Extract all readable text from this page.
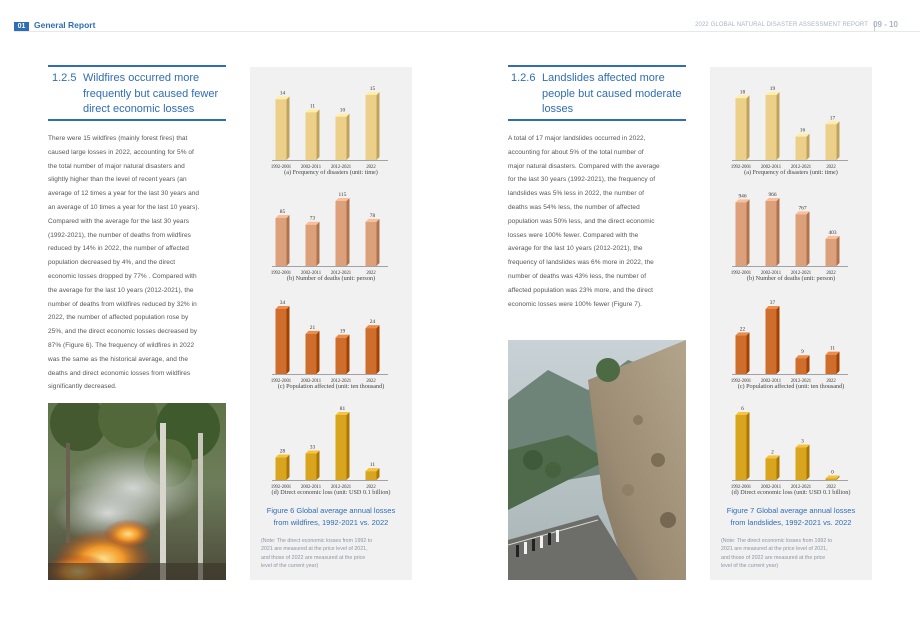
01	General Report	2022 GLOBAL NATURAL DISASTER ASSESSMENT REPORT 09 - 10
1.2.5 Wildfires occurred more
frequently but caused fewer
direct economic losses
There were 15 wildfires (mainly forest fires) that
caused large losses in 2022, accounting for 5% of
the total number of major natural disasters and
slightly higher than the level of recent years (an
average of 12 times a year for the last 30 years and
an average of 10 times a year for the last 10 years).
Compared with the average for the last 30 years
(1992-2021), the number of deaths from wildfires
reduced by 14% in 2022, the number of affected
population decreased by 4%, and the direct
economic losses dropped by 77% . Compared with
the average for the last 10 years (2012-2021), the
number of deaths from wildfires reduced by 32% in
2022, the number of affected population rose by
25%, and the direct economic losses decreased by
87% (Figure 6). The frequency of wildfires in 2022
was the same as the historical average, and the
deaths and direct economic losses from wildfires
significantly decreased.
14
1992-2001
11
2002-2011
10
2012-2021
15
2022
(a) Frequency of disasters (unit: time)
85
1992-2001
73
2002-2011
115
2012-2021
78
2022
(b) Number of deaths (unit: person)
34
1992-2001
21
2002-2011
19
2012-2021
24
2022
(c) Population affected (unit: ten thousand)
28
1992-2001
33
2002-2011
81
2012-2021
11
2022
(d) Direct economic loss (unit: USD 0.1 billion)
Figure 6 Global average annual losses
from wildfires, 1992-2021 vs. 2022
(Note: The direct economic losses from 1992 to
2021 are measured at the price level of 2021,
and those of 2022 are measured at the price
level of the current year)
1.2.6 Landslides affected more
people but caused moderate
losses
A total of 17 major landslides occurred in 2022,
accounting for about 5% of the total number of
major natural disasters. Compared with the average
for the last 30 years (1992-2021), the frequency of
landslides was 5% less in 2022, the number of
deaths was 54% less, the number of affected
population was 50% less, and the direct economic
losses were 100% fewer. Compared with the
average for the last 10 years (2012-2021), the
frequency of landslides was 6% more in 2022, the
number of deaths was 43% less, the number of
affected population was 23% more, and the direct
economic losses were 100% fewer (Figure 7).
18
1992-2001
19
2002-2011
16
2012-2021
17
2022
(a) Frequency of disasters (unit: time)
946
1992-2001
966
2002-2011
767
2012-2021
403
2022
(b) Number of deaths (unit: person)
22
1992-2001
37
2002-2011
9
2012-2021
11
2022
(c) Population affected (unit: ten thousand)
6
1992-2001
2
2002-2011
3
2012-2021
0
2022
(d) Direct economic loss (unit: USD 0.1 billion)
Figure 7 Global average annual losses
from landslides, 1992-2021 vs. 2022
(Note: The direct economic losses from 1992 to
2021 are measured at the price level of 2021,
and those of 2022 are measured at the price
level of the current year)
